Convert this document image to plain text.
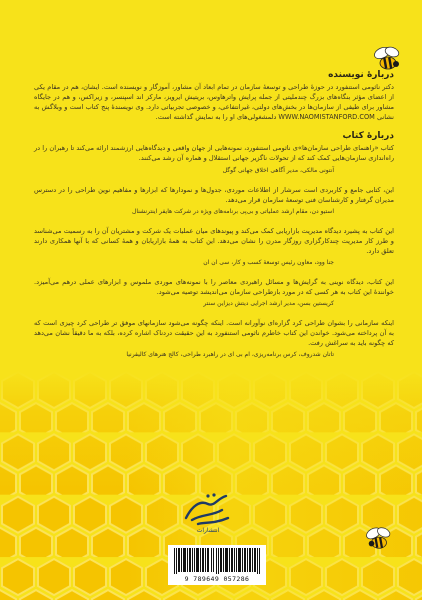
دربارهٔ نویسنده

دکتر ناثومی استنفورد در حوزهٔ طراحی و توسعهٔ سازمان در تمام ابعاد آن مشاور، آموزگار و نویسنده است. ایشان، هم در مقام یکی از اعضای مؤثر بنگاه‌های بزرگ چندملیتی از جمله پرایش واترهاوس، بریتیش ایرویز، مارکز اند اسپنسر، و زیراکس، و هم در جایگاه مشاور برای طیفی از سازمان‌ها در بخش‌های دولتی، غیرانتفاعی، و خصوصی تجربیاتی دارد. وی نویسندهٔ پنج کتاب است و وبلاگش به نشانی WWW.NAOMISTANFORD.COM دلمشغولی‌های او را به نمایش گذاشته است.

دربارهٔ کتاب

کتاب «راهنمای طراحی سازمان‌ها»ی ناثومی استنفورد، نمونه‌هایی از جهان واقعی و دیدگاه‌هایی ارزشمند ارائه می‌کند تا رهبران را در راه‌اندازی سازمان‌هایی کمک کند که از تحولات ناگزیر جهانی استقلال و هماره آن رشد می‌کنند.

آنتونی مالکی، مدیر آگاهی اخلاق جهانی گوگل

این، کتابی جامع و کاربردی است سرشار از اطلاعات موردی، جدول‌ها و نمودارها که ابزارها و مفاهیم نوین طراحی را در دسترس مدیران گرفتار و کارشناسان فنی توسعهٔ سازمان قرار می‌دهد.

استیو دن، مقام ارشد عملیاتی و بی‌پی برنامه‌های ویژه در شرکت هایفر اینترنشنال

این کتاب به پشیرد دیدگاه مدیریت بازاریابی کمک می‌کند و پیوندهای میان عملیات یک شرکت و مشتریان آن را به رسمیت می‌شناسد و طرز کار مدیریت چندکارگزاری روزگار مدرن را نشان می‌دهد. این کتاب به همهٔ بازاریابان و همهٔ کسانی که با آنها همکاری دارند تعلق دارد.

جنا وود، معاون رئیس توسعهٔ کسب و کار، سی ان ان

این کتاب، دیدگاه نوینی به گرایش‌ها و مسائل راهبردی معاصر را با نمونه‌های موردی ملموس و ابزارهای عملی درهم می‌آمیزد. خوانندهٔ این کتاب به هر کسی که در مورد بازطراحی سازمان می‌اندیشد توصیه می‌شود.

کریستین بسن، مدیر ارشد اجرایی دیتش دیزاین سنتر

اینکه سازمانی را بشوان طراحی کرد گزاره‌ای نوآورانه است. اینکه چگونه می‌شود سازمانهای موفق تر طراحی کرد چیزی است که به آن پرداخته می‌شود. خواندن این کتاب خاطرم ناثومی استنفورد به این حقیقت دردناک اشاره کرده، بلکه به ما دقیقاً نشان می‌دهد که چگونه باید به سراغش رفت.

تاتان شدروف، کرس برنامه‌ریزی، ام بی ای در راهبرد طراحی، کالج هنرهای کالیفرنیا

انتشارات
9 789649 057286
